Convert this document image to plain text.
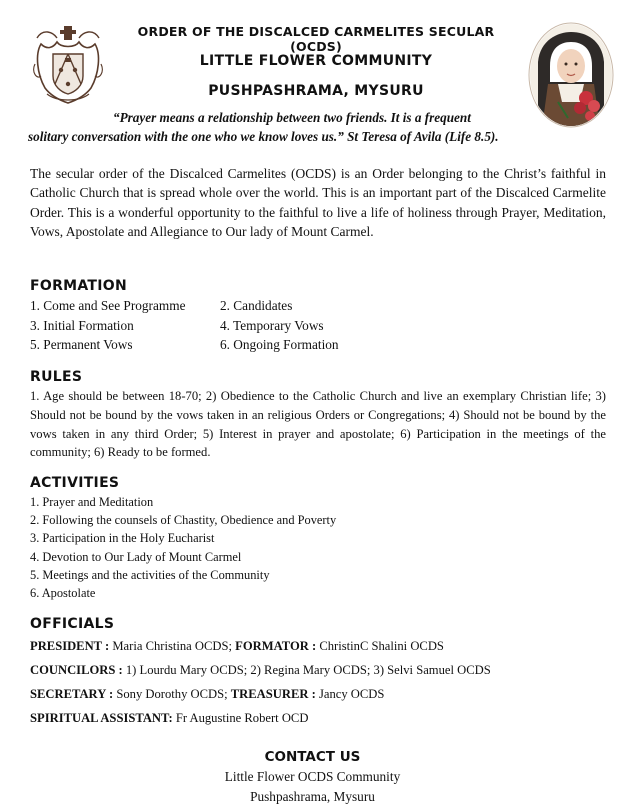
ORDER OF THE DISCALCED CARMELITES SECULAR (OCDS)
LITTLE FLOWER COMMUNITY
PUSHPASHRAMA, MYSURU
“Prayer means a relationship between two friends. It is a frequent
solitary conversation with the one who we know loves us.” St Teresa of Avila (Life 8.5).
The secular order of the Discalced Carmelites (OCDS) is an Order belonging to the Christ’s faithful in Catholic Church that is spread whole over the world. This is an important part of the Discalced Carmelite Order. This is a wonderful opportunity to the faithful to live a life of holiness through Prayer, Meditation, Vows, Apostolate and Allegiance to Our lady of Mount Carmel.
FORMATION
1. Come and See Programme	2. Candidates
3. Initial Formation	4. Temporary Vows
5. Permanent Vows	6. Ongoing Formation
RULES
1. Age should be between 18-70; 2) Obedience to the Catholic Church and live an exemplary Christian life; 3) Should not be bound by the vows taken in an religious Orders or Congregations; 4) Should not be bound by the vows taken in any third Order; 5) Interest in prayer and apostolate; 6) Participation in the meetings of the community; 6) Ready to be formed.
ACTIVITIES
1. Prayer and Meditation
2. Following the counsels of Chastity, Obedience and Poverty
3. Participation in the Holy Eucharist
4. Devotion to Our Lady of Mount Carmel
5. Meetings and the activities of the Community
6. Apostolate
OFFICIALS
PRESIDENT : Maria Christina OCDS; FORMATOR : ChristinC Shalini OCDS
COUNCILORS : 1) Lourdu Mary OCDS; 2) Regina Mary OCDS; 3) Selvi Samuel OCDS
SECRETARY : Sony Dorothy OCDS; TREASURER : Jancy OCDS
SPIRITUAL ASSISTANT: Fr Augustine Robert OCD
CONTACT US
Little Flower OCDS Community
Pushpashrama, Mysuru
